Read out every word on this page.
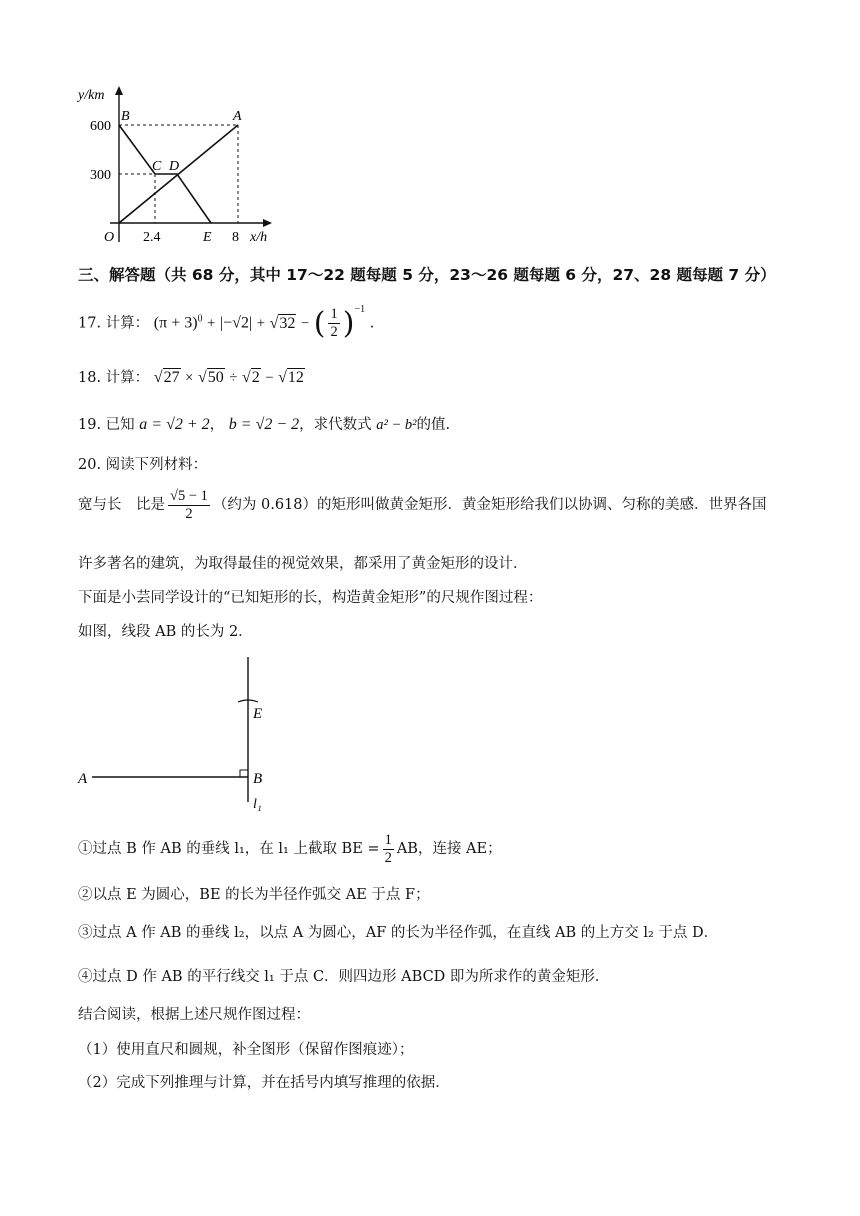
y/km
600
300
O 2.4	8 x/h
A
B
C D
E
三、解答题（共 68 分，其中 17～22 题每题 5 分，23～26 题每题 6 分，27、28 题每题 7 分）
17. 计算： $(\pi + 3)^0 + |-√2| + √32$ − ( $\frac{1}{2} )^{-1}$ .
18. 计算： √27 × √50 ÷ √2 − √12
19. 已知 a = √2 + 2， b = √2 − 2，求代数式 a² − b²的值.
20. 阅读下列材料：
宽与长　比是 $\frac{√5 - 1}{2}$ （约为 0.618）的矩形叫做黄金矩形．黄金矩形给我们以协调、匀称的美感．世界各国
许多著名的建筑，为取得最佳的视觉效果，都采用了黄金矩形的设计．
下面是小芸同学设计的“已知矩形的长，构造黄金矩形”的尺规作图过程：
如图，线段 AB 的长为 2．
A	B
E
l₁
①过点 B 作 AB 的垂线 l₁，在 l₁ 上截取 BE = $\frac{1}{2}$ AB，连接 AE；
②以点 E 为圆心，BE 的长为半径作弧交 AE 于点 F；
③过点 A 作 AB 的垂线 l₂，以点 A 为圆心，AF 的长为半径作弧，在直线 AB 的上方交 l₂ 于点 D．
④过点 D 作 AB 的平行线交 l₁ 于点 C．则四边形 ABCD 即为所求作的黄金矩形．
结合阅读，根据上述尺规作图过程：
（1）使用直尺和圆规，补全图形（保留作图痕迹）；
（2）完成下列推理与计算，并在括号内填写推理的依据．
